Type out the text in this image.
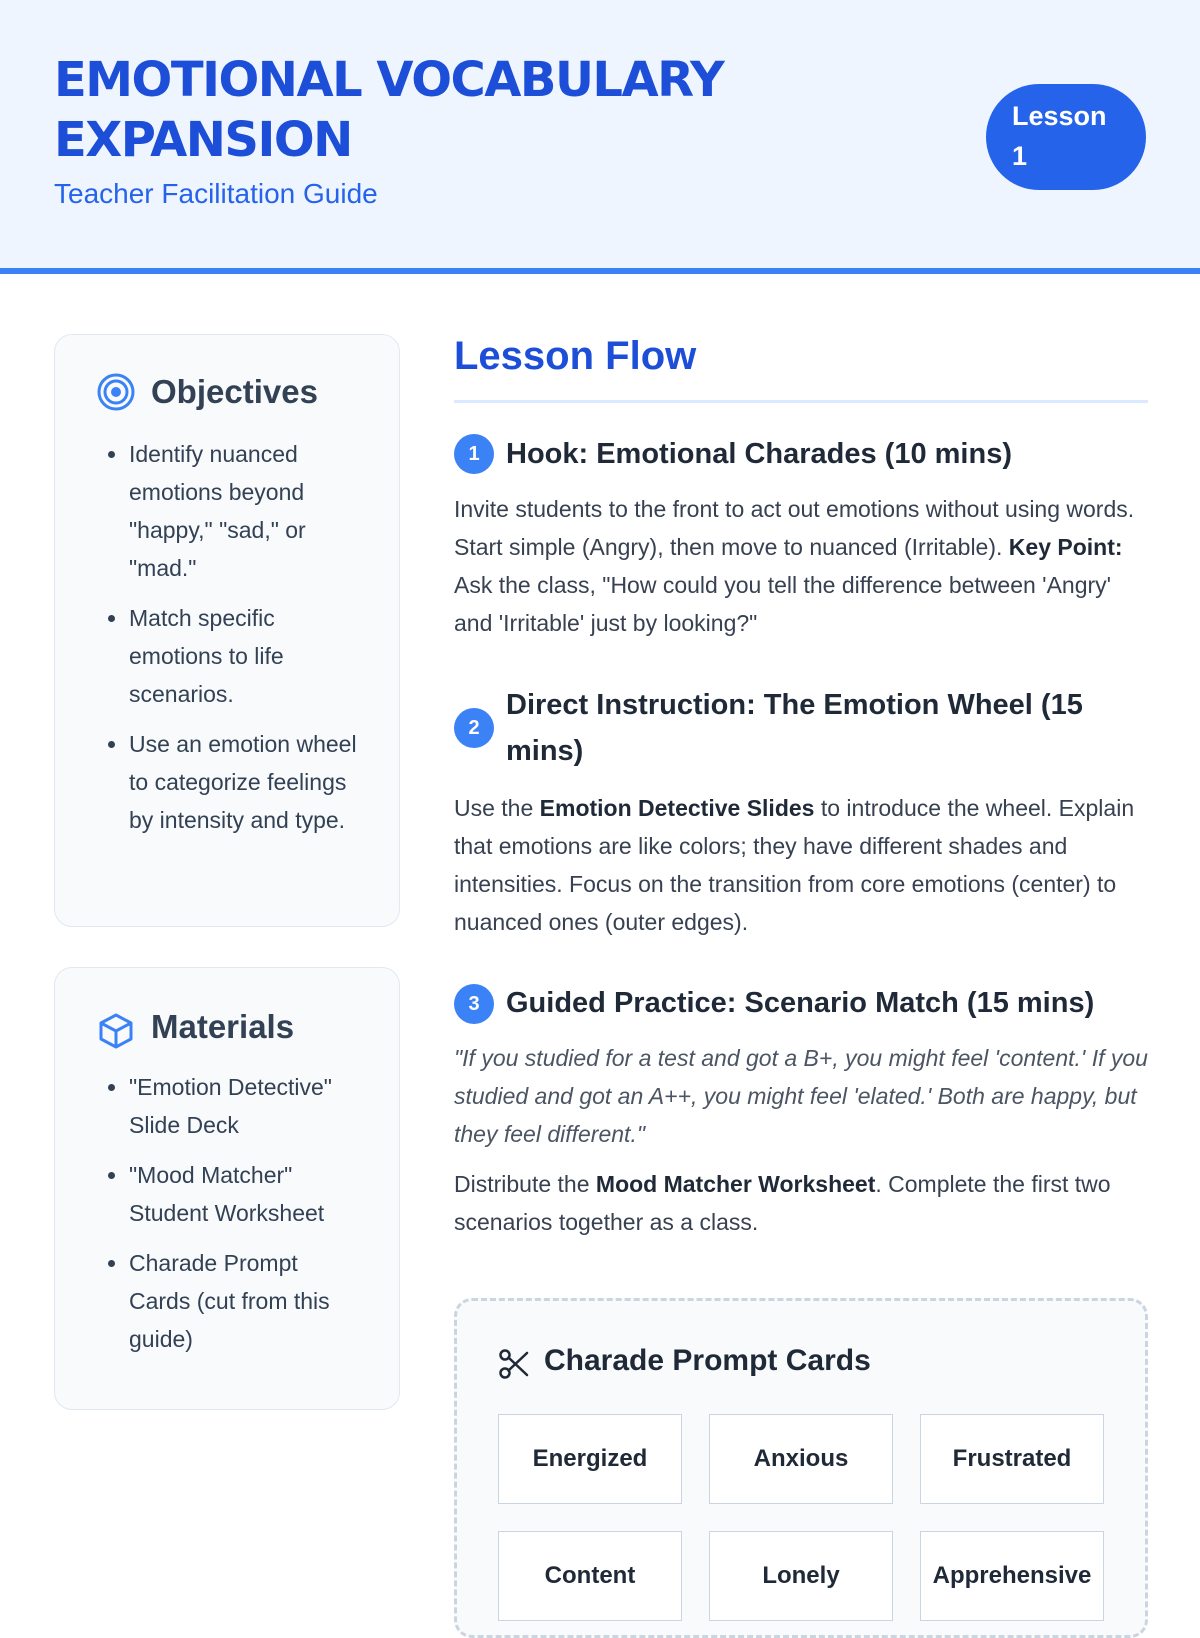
EMOTIONAL VOCABULARY EXPANSION
Teacher Facilitation Guide
Lesson 1
Objectives
• Identify nuanced emotions beyond "happy," "sad," or "mad."
• Match specific emotions to life scenarios.
• Use an emotion wheel to categorize feelings by intensity and type.
Materials
• "Emotion Detective" Slide Deck
• "Mood Matcher" Student Worksheet
• Charade Prompt Cards (cut from this guide)
Lesson Flow
1 Hook: Emotional Charades (10 mins)

Invite students to the front to act out emotions without using words. Start simple (Angry), then move to nuanced (Irritable). Key Point: Ask the class, "How could you tell the difference between 'Angry' and 'Irritable' just by looking?"

2
Direct Instruction: The Emotion Wheel (15 mins)

Use the Emotion Detective Slides to introduce the wheel. Explain that emotions are like colors; they have different shades and intensities. Focus on the transition from core emotions (center) to nuanced ones (outer edges).

3 Guided Practice: Scenario Match (15 mins)

"If you studied for a test and got a B+, you might feel 'content.' If you studied and got an A++, you might feel 'elated.' Both are happy, but they feel different."

Distribute the Mood Matcher Worksheet. Complete the first two scenarios together as a class.

Charade Prompt Cards
Energized	Anxious	Frustrated
Content	Lonely	Apprehensive
